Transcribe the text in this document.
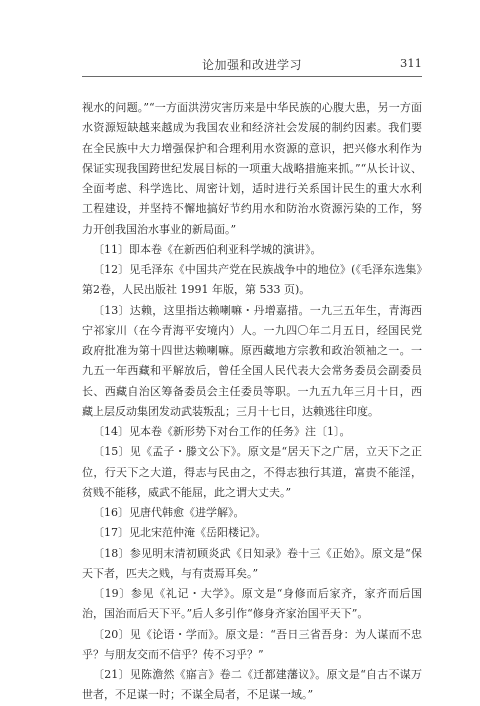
论加强和改进学习	311

视水的问题。”“一方面洪涝灾害历来是中华民族的心腹大患，另一方面水资源短缺越来越成为我国农业和经济社会发展的制约因素。我们要在全民族中大力增强保护和合理利用水资源的意识，把兴修水利作为保证实现我国跨世纪发展目标的一项重大战略措施来抓。”“从长计议、全面考虑、科学选比、周密计划，适时进行关系国计民生的重大水利工程建设，并坚持不懈地搞好节约用水和防治水资源污染的工作，努力开创我国治水事业的新局面。”

〔11〕即本卷《在新西伯利亚科学城的演讲》。

〔12〕见毛泽东《中国共产党在民族战争中的地位》(《毛泽东选集》第2卷，人民出版社 1991 年版，第 533 页)。

〔13〕达赖，这里指达赖喇嘛・丹增嘉措。一九三五年生，青海西宁祁家川（在今青海平安境内）人。一九四〇年二月五日，经国民党政府批准为第十四世达赖喇嘛。原西藏地方宗教和政治领袖之一。一九五一年西藏和平解放后，曾任全国人民代表大会常务委员会副委员长、西藏自治区筹备委员会主任委员等职。一九五九年三月十日，西藏上层反动集团发动武装叛乱；三月十七日，达赖逃往印度。

〔14〕见本卷《新形势下对台工作的任务》注〔1〕。

〔15〕见《孟子・滕文公下》。原文是“居天下之广居，立天下之正位，行天下之大道，得志与民由之，不得志独行其道，富贵不能淫，贫贱不能移，威武不能屈，此之谓大丈夫。”

〔16〕见唐代韩愈《进学解》。

〔17〕见北宋范仲淹《岳阳楼记》。

〔18〕参见明末清初顾炎武《日知录》卷十三《正始》。原文是“保天下者，匹夫之贱，与有责焉耳矣。”

〔19〕参见《礼记・大学》。原文是“身修而后家齐，家齐而后国治，国治而后天下平。”后人多引作“修身齐家治国平天下”。

〔20〕见《论语・学而》。原文是：“吾日三省吾身：为人谋而不忠乎？与朋友交而不信乎？传不习乎？”

〔21〕见陈澹然《寤言》卷二《迁都建藩议》。原文是“自古不谋万世者，不足谋一时；不谋全局者，不足谋一域。”
